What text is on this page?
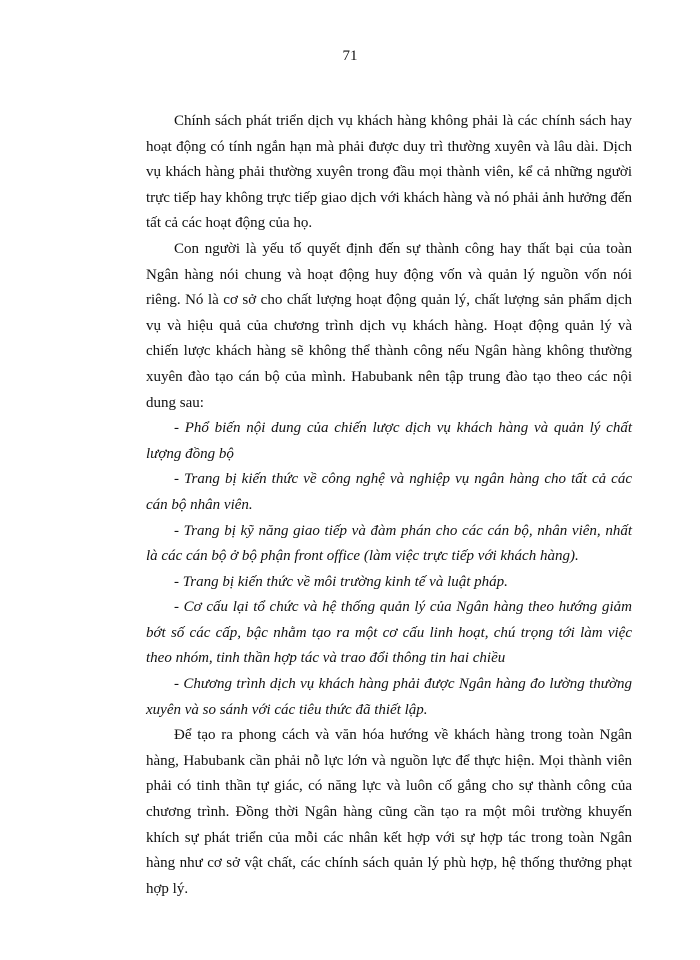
71

Chính sách phát triển dịch vụ khách hàng không phải là các chính sách hay hoạt động có tính ngắn hạn mà phải được duy trì thường xuyên và lâu dài. Dịch vụ khách hàng phải thường xuyên trong đầu mọi thành viên, kể cả những người trực tiếp hay không trực tiếp giao dịch với khách hàng và nó phải ảnh hưởng đến tất cả các hoạt động của họ.

Con người là yếu tố quyết định đến sự thành công hay thất bại của toàn Ngân hàng nói chung và hoạt động huy động vốn và quản lý nguồn vốn nói riêng. Nó là cơ sở cho chất lượng hoạt động quản lý, chất lượng sản phẩm dịch vụ và hiệu quả của chương trình dịch vụ khách hàng. Hoạt động quản lý và chiến lược khách hàng sẽ không thể thành công nếu Ngân hàng không thường xuyên đào tạo cán bộ của mình. Habubank nên tập trung đào tạo theo các nội dung sau:

- Phổ biến nội dung của chiến lược dịch vụ khách hàng và quản lý chất lượng đồng bộ

- Trang bị kiến thức về công nghệ và nghiệp vụ ngân hàng cho tất cả các cán bộ nhân viên.

- Trang bị kỹ năng giao tiếp và đàm phán cho các cán bộ, nhân viên, nhất là các cán bộ ở bộ phận front office (làm việc trực tiếp với khách hàng).

- Trang bị kiến thức về môi trường kinh tế và luật pháp.

- Cơ cấu lại tổ chức và hệ thống quản lý của Ngân hàng theo hướng giảm bớt số các cấp, bậc nhằm tạo ra một cơ cấu linh hoạt, chú trọng tới làm việc theo nhóm, tinh thần hợp tác và trao đổi thông tin hai chiều

- Chương trình dịch vụ khách hàng phải được Ngân hàng đo lường thường xuyên và so sánh với các tiêu thức đã thiết lập.

Để tạo ra phong cách và văn hóa hướng về khách hàng trong toàn Ngân hàng, Habubank cần phải nỗ lực lớn và nguồn lực để thực hiện. Mọi thành viên phải có tinh thần tự giác, có năng lực và luôn cố gắng cho sự thành công của chương trình. Đồng thời Ngân hàng cũng cần tạo ra một môi trường khuyến khích sự phát triển của mỗi các nhân kết hợp với sự hợp tác trong toàn Ngân hàng như cơ sở vật chất, các chính sách quản lý phù hợp, hệ thống thưởng phạt hợp lý.
